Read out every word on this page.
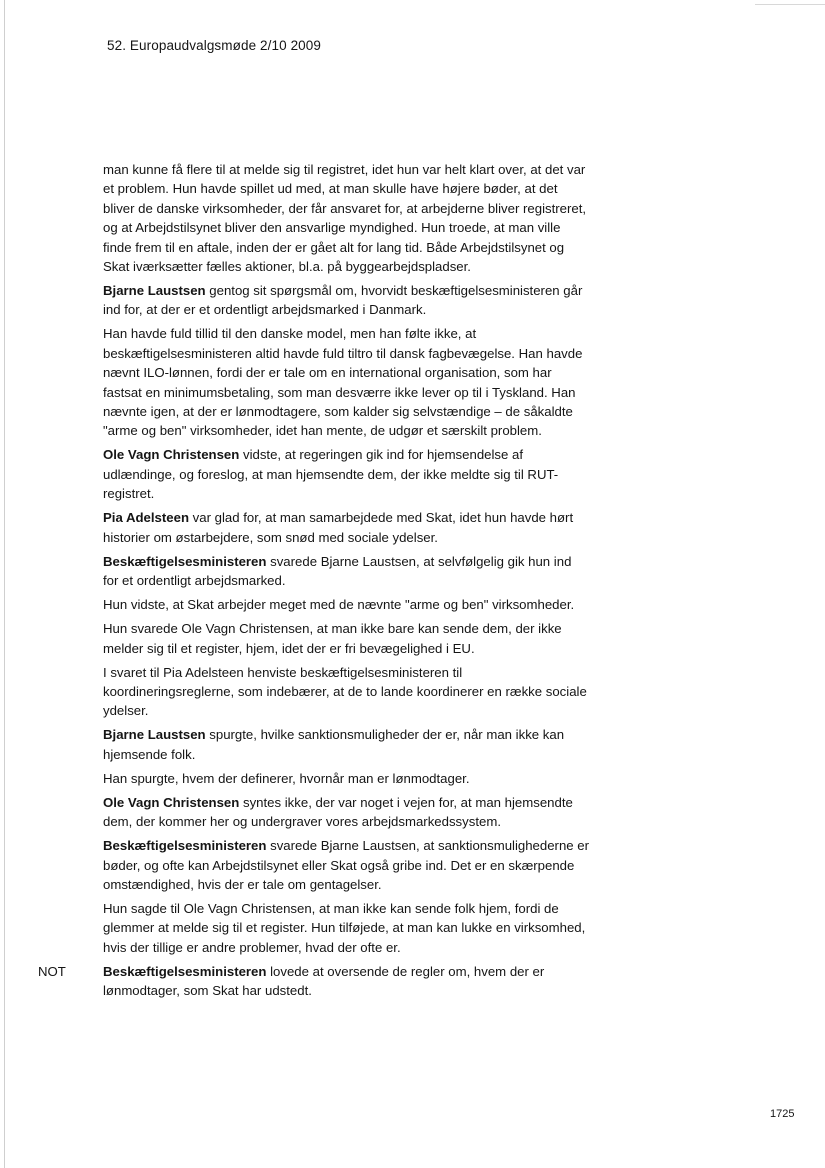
52. Europaudvalgsmøde 2/10 2009

man kunne få flere til at melde sig til registret, idet hun var helt klart over, at det var et problem. Hun havde spillet ud med, at man skulle have højere bøder, at det bliver de danske virksomheder, der får ansvaret for, at arbejderne bliver registreret, og at Arbejdstilsynet bliver den ansvarlige myndighed. Hun troede, at man ville finde frem til en aftale, inden der er gået alt for lang tid. Både Arbejdstilsynet og Skat iværksætter fælles aktioner, bl.a. på byggearbejdspladser.

Bjarne Laustsen gentog sit spørgsmål om, hvorvidt beskæftigelsesministeren går ind for, at der er et ordentligt arbejdsmarked i Danmark.

Han havde fuld tillid til den danske model, men han følte ikke, at beskæftigelsesministeren altid havde fuld tiltro til dansk fagbevægelse. Han havde nævnt ILO-lønnen, fordi der er tale om en international organisation, som har fastsat en minimumsbetaling, som man desværre ikke lever op til i Tyskland. Han nævnte igen, at der er lønmodtagere, som kalder sig selvstændige – de såkaldte "arme og ben" virksomheder, idet han mente, de udgør et særskilt problem.

Ole Vagn Christensen vidste, at regeringen gik ind for hjemsendelse af udlændinge, og foreslog, at man hjemsendte dem, der ikke meldte sig til RUT-registret.

Pia Adelsteen var glad for, at man samarbejdede med Skat, idet hun havde hørt historier om østarbejdere, som snød med sociale ydelser.

Beskæftigelsesministeren svarede Bjarne Laustsen, at selvfølgelig gik hun ind for et ordentligt arbejdsmarked.

Hun vidste, at Skat arbejder meget med de nævnte "arme og ben" virksomheder.

Hun svarede Ole Vagn Christensen, at man ikke bare kan sende dem, der ikke melder sig til et register, hjem, idet der er fri bevægelighed i EU.

I svaret til Pia Adelsteen henviste beskæftigelsesministeren til koordineringsreglerne, som indebærer, at de to lande koordinerer en række sociale ydelser.

Bjarne Laustsen spurgte, hvilke sanktionsmuligheder der er, når man ikke kan hjemsende folk.

Han spurgte, hvem der definerer, hvornår man er lønmodtager.

Ole Vagn Christensen syntes ikke, der var noget i vejen for, at man hjemsendte dem, der kommer her og undergraver vores arbejdsmarkedssystem.

Beskæftigelsesministeren svarede Bjarne Laustsen, at sanktionsmulighederne er bøder, og ofte kan Arbejdstilsynet eller Skat også gribe ind. Det er en skærpende omstændighed, hvis der er tale om gentagelser.

Hun sagde til Ole Vagn Christensen, at man ikke kan sende folk hjem, fordi de glemmer at melde sig til et register. Hun tilføjede, at man kan lukke en virksomhed, hvis der tillige er andre problemer, hvad der ofte er.

NOT	Beskæftigelsesministeren lovede at oversende de regler om, hvem der er lønmodtager, som Skat har udstedt.

1725
